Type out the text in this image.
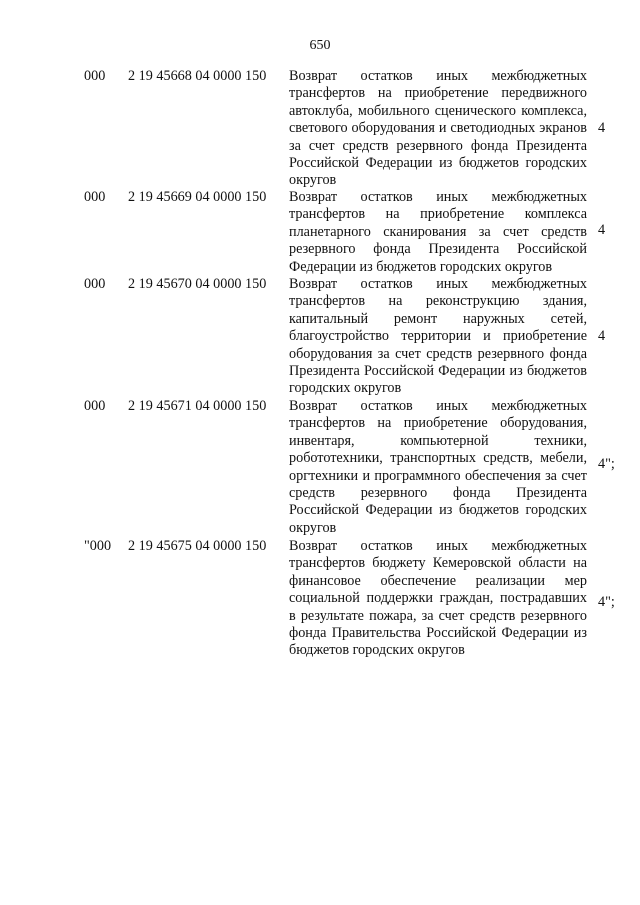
650
000 2 19 45668 04 0000 150 Возврат остатков иных межбюджетных трансфертов на приобретение передвижного автоклуба, мобильного сценического комплекса, светового оборудования и светодиодных экранов за счет средств резервного фонда Президента Российской Федерации из бюджетов городских округов
4
000 2 19 45669 04 0000 150 Возврат остатков иных межбюджетных трансфертов на приобретение комплекса планетарного сканирования за счет средств резервного фонда Президента Российской Федерации из бюджетов городских округов
4
000 2 19 45670 04 0000 150 Возврат остатков иных межбюджетных трансфертов на реконструкцию здания, капитальный ремонт наружных сетей, благоустройство территории и приобретение оборудования за счет средств резервного фонда Президента Российской Федерации из бюджетов городских округов
4
000 2 19 45671 04 0000 150 Возврат остатков иных межбюджетных трансфертов на приобретение оборудования, инвентаря, компьютерной техники, робототехники, транспортных средств, мебели, оргтехники и программного обеспечения за счет средств резервного фонда Президента Российской Федерации из бюджетов городских округов
4";
"000 2 19 45675 04 0000 150 Возврат остатков иных межбюджетных трансфертов бюджету Кемеровской области на финансовое обеспечение реализации мер социальной поддержки граждан, пострадавших в результате пожара, за счет средств резервного фонда Правительства Российской Федерации из бюджетов городских округов
4";
